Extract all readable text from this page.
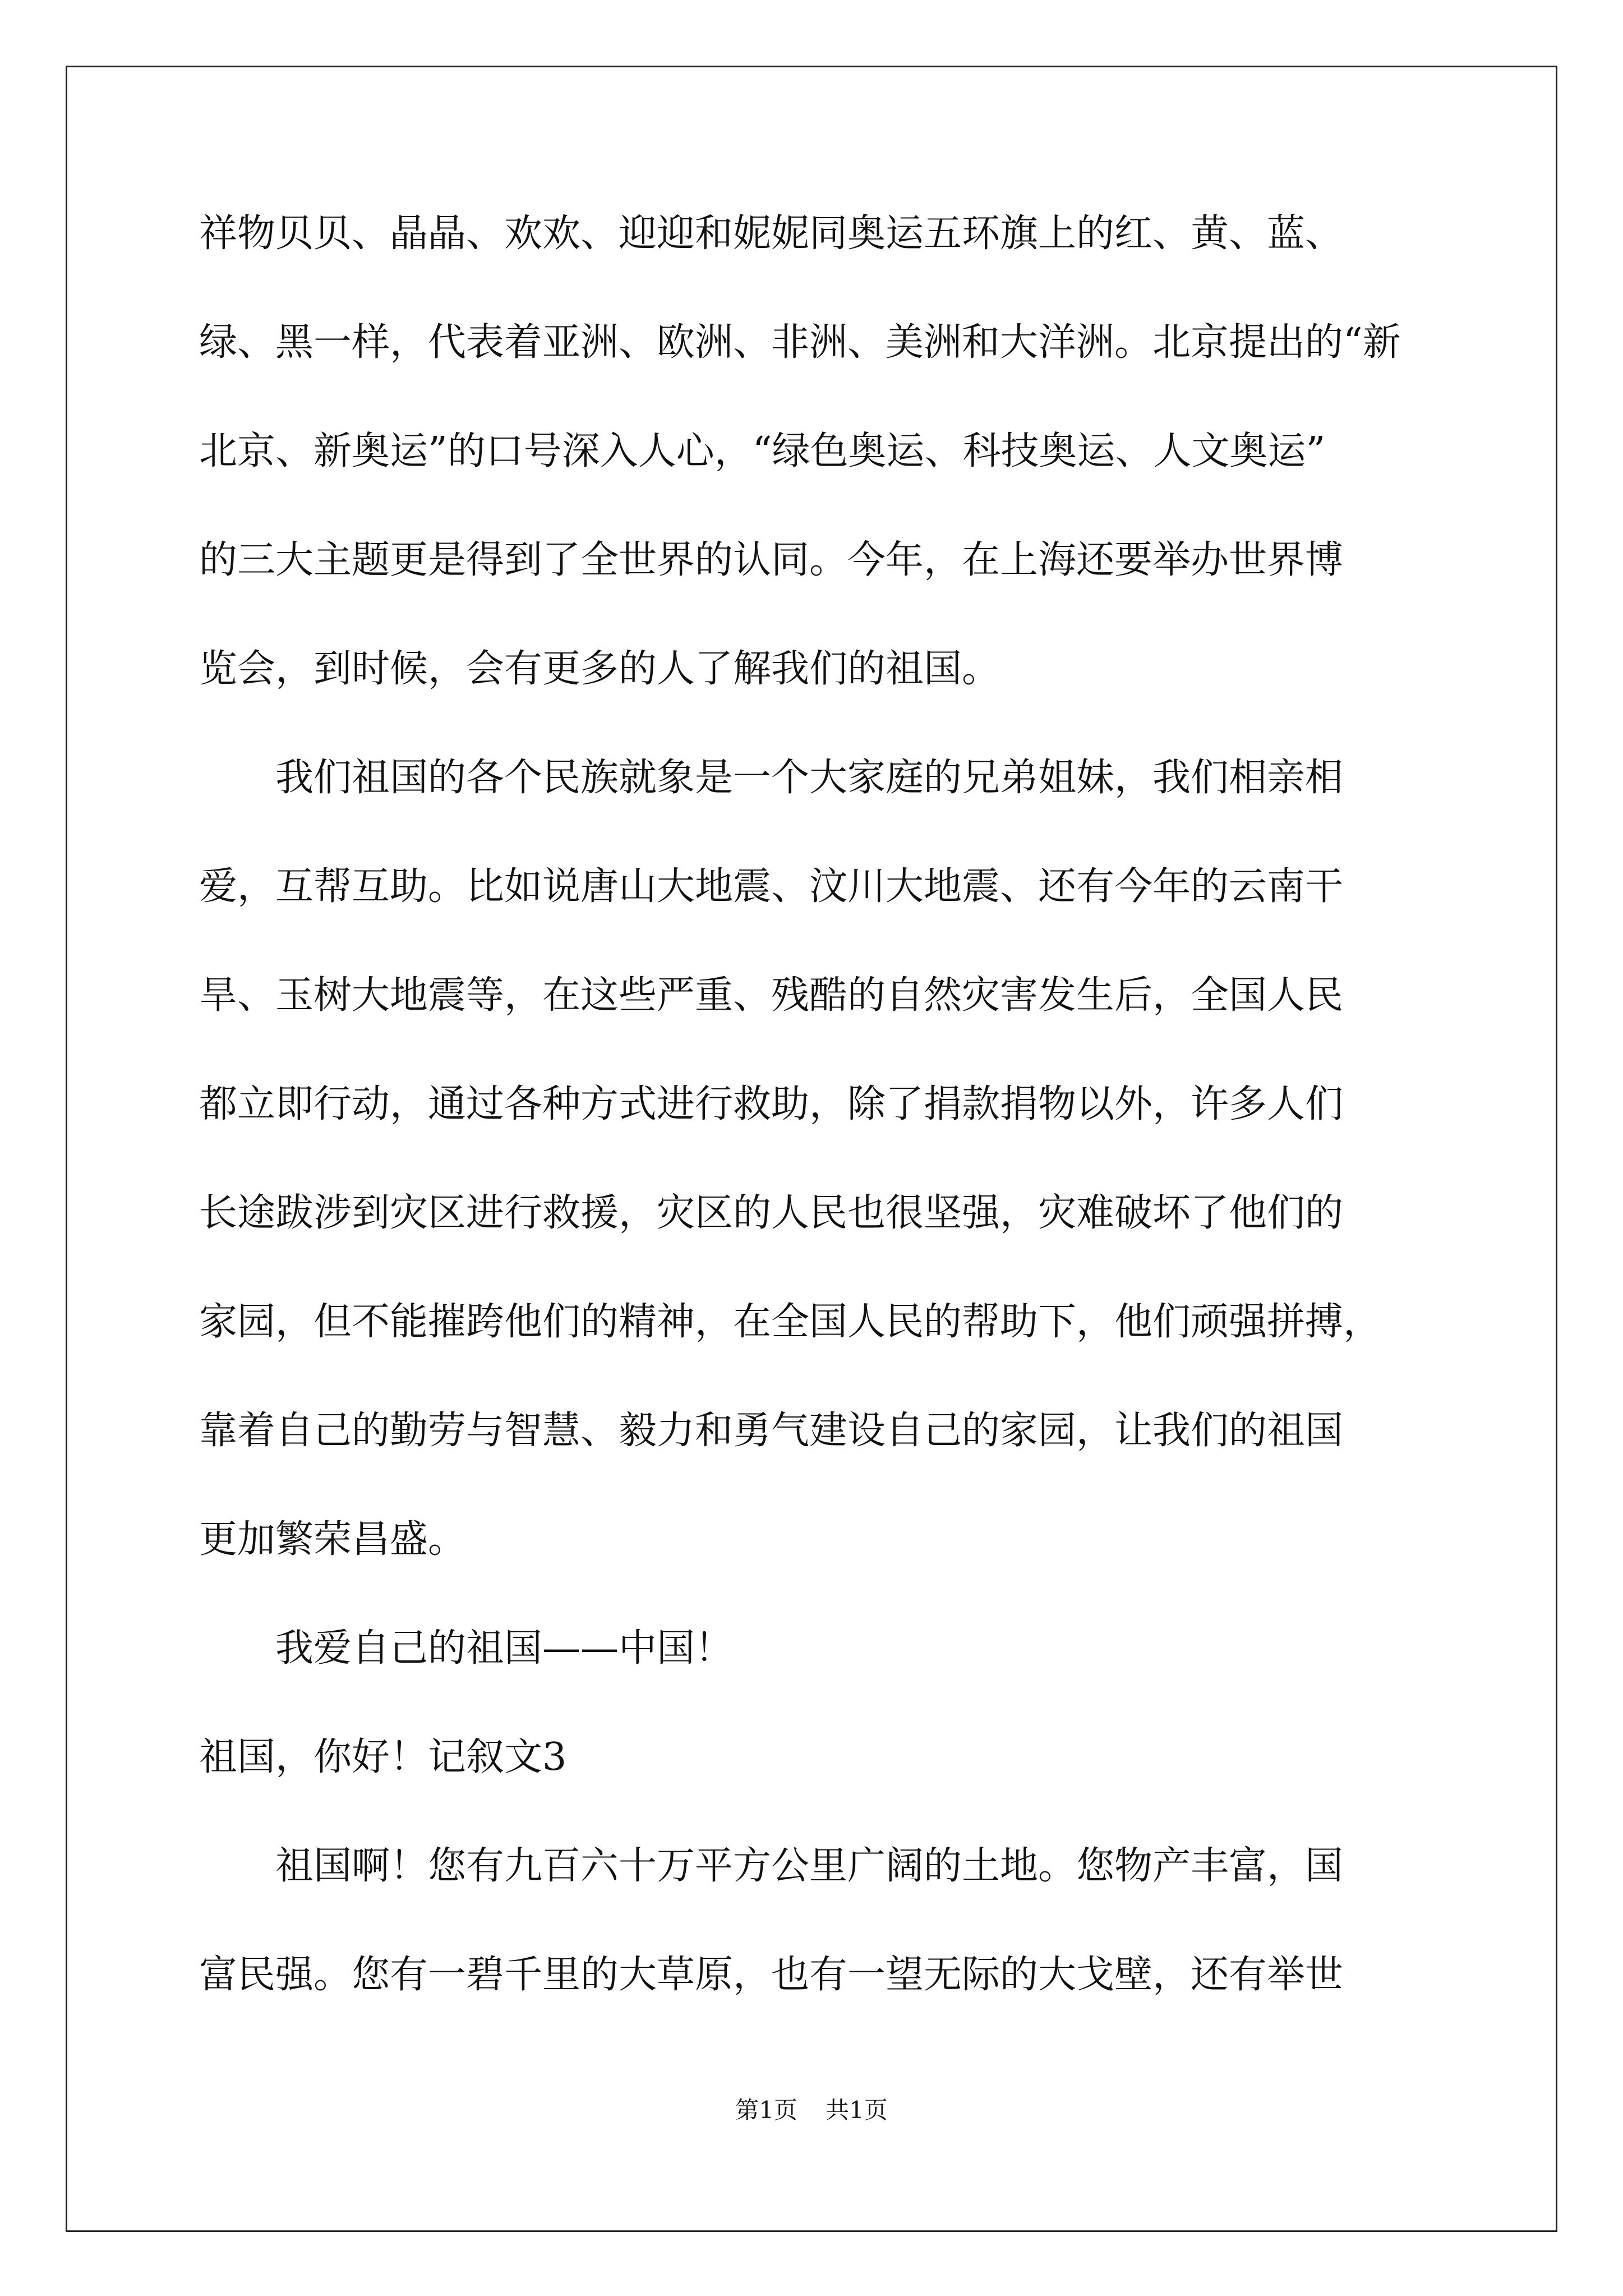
祥物贝贝、晶晶、欢欢、迎迎和妮妮同奥运五环旗上的红、黄、蓝、
绿、黑一样，代表着亚洲、欧洲、非洲、美洲和大洋洲。北京提出的“新
北京、新奥运”的口号深入人心，“绿色奥运、科技奥运、人文奥运”
的三大主题更是得到了全世界的认同。今年，在上海还要举办世界博
览会，到时候，会有更多的人了解我们的祖国。
　　我们祖国的各个民族就象是一个大家庭的兄弟姐妹，我们相亲相
爱，互帮互助。比如说唐山大地震、汶川大地震、还有今年的云南干
旱、玉树大地震等，在这些严重、残酷的自然灾害发生后，全国人民
都立即行动，通过各种方式进行救助，除了捐款捐物以外，许多人们
长途跋涉到灾区进行救援，灾区的人民也很坚强，灾难破坏了他们的
家园，但不能摧跨他们的精神，在全国人民的帮助下，他们顽强拼搏，
靠着自己的勤劳与智慧、毅力和勇气建设自己的家园，让我们的祖国
更加繁荣昌盛。
　　我爱自己的祖国——中国！
祖国，你好！记叙文3
　　祖国啊！您有九百六十万平方公里广阔的土地。您物产丰富，国
富民强。您有一碧千里的大草原，也有一望无际的大戈壁，还有举世
第1页 共1页
